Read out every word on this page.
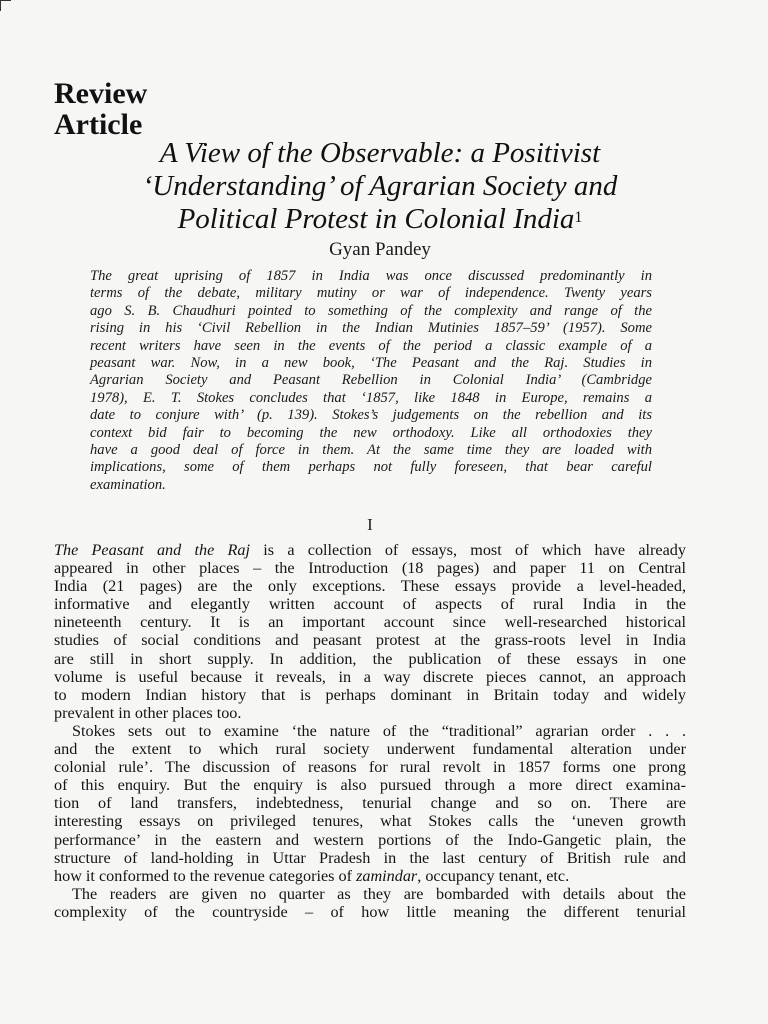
Review
Article
A View of the Observable: a Positivist
‘Understanding’ of Agrarian Society and
Political Protest in Colonial India$^1$
Gyan Pandey
The great uprising of 1857 in India was once discussed predominantly in
terms of the debate, military mutiny or war of independence. Twenty years
ago S. B. Chaudhuri pointed to something of the complexity and range of the
rising in his ‘Civil Rebellion in the Indian Mutinies 1857–59’ (1957). Some
recent writers have seen in the events of the period a classic example of a
peasant war. Now, in a new book, ‘The Peasant and the Raj. Studies in
Agrarian Society and Peasant Rebellion in Colonial India’ (Cambridge
1978), E. T. Stokes concludes that ‘1857, like 1848 in Europe, remains a
date to conjure with’ (p. 139). Stokes’s judgements on the rebellion and its
context bid fair to becoming the new orthodoxy. Like all orthodoxies they
have a good deal of force in them. At the same time they are loaded with
implications, some of them perhaps not fully foreseen, that bear careful
examination.
I
The Peasant and the Raj is a collection of essays, most of which have already
appeared in other places – the Introduction (18 pages) and paper 11 on Central
India (21 pages) are the only exceptions. These essays provide a level-headed,
informative and elegantly written account of aspects of rural India in the
nineteenth century. It is an important account since well-researched historical
studies of social conditions and peasant protest at the grass-roots level in India
are still in short supply. In addition, the publication of these essays in one
volume is useful because it reveals, in a way discrete pieces cannot, an approach
to modern Indian history that is perhaps dominant in Britain today and widely
prevalent in other places too.
Stokes sets out to examine ‘the nature of the “traditional” agrarian order . . .
and the extent to which rural society underwent fundamental alteration under
colonial rule’. The discussion of reasons for rural revolt in 1857 forms one prong
of this enquiry. But the enquiry is also pursued through a more direct examina-
tion of land transfers, indebtedness, tenurial change and so on. There are
interesting essays on privileged tenures, what Stokes calls the ‘uneven growth
performance’ in the eastern and western portions of the Indo-Gangetic plain, the
structure of land-holding in Uttar Pradesh in the last century of British rule and
how it conformed to the revenue categories of zamindar, occupancy tenant, etc.
The readers are given no quarter as they are bombarded with details about the
complexity of the countryside – of how little meaning the different tenurial
